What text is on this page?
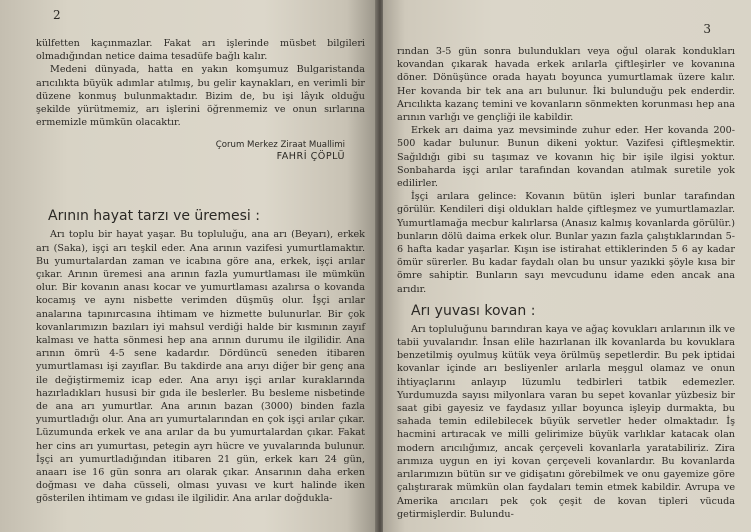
2

külfetten kaçınmazlar. Fakat arı işlerinde müsbet bilgileri olmadığından netice daima tesadüfe bağlı kalır.

Medeni dünyada, hatta en yakın komşumuz Bulgaristanda arıcılıkta büyük adımlar atılmış, bu gelir kaynakları, en verimli bir düzene konmuş bulunmaktadır. Bizim de, bu işi lâyık olduğu şekilde yürütmemiz, arı işlerini öğrenmemiz ve onun sırlarına ermemizle mümkün olacaktır.

Çorum Merkez Ziraat Muallimi
FAHRİ ÇÖPLÜ
Arının hayat tarzı ve üremesi :

Arı toplu bir hayat yaşar. Bu topluluğu, ana arı (Beyarı), erkek arı (Saka), işçi arı teşkil eder. Ana arının vazifesi yumurtlamaktır. Bu yumurtalardan zaman ve icabına göre ana, erkek, işçi arılar çıkar. Arının üremesi ana arının fazla yumurtlaması ile mümkün olur. Bir kovanın anası kocar ve yumurtlaması azalırsa o kovanda kocamış ve aynı nisbette verimden düşmüş olur. İşçi arılar analarına tapınırcasına ihtimam ve hizmette bulunurlar. Bir çok kovanlarımızın bazıları iyi mahsul verdiği halde bir kısmının zayıf kalması ve hatta sönmesi hep ana arının durumu ile ilgilidir. Ana arının ömrü 4-5 sene kadardır. Dördüncü seneden itibaren yumurtlaması işi zayıflar. Bu takdirde ana arıyı diğer bir genç ana ile değiştirmemiz icap eder. Ana arıyı işçi arılar kuraklarında hazırladıkları hususi bir gıda ile beslerler. Bu besleme nisbetinde de ana arı yumurtlar. Ana arının bazan (3000) binden fazla yumurtladığı olur. Ana arı yumurtalarından en çok işçi arılar çıkar. Lüzumunda erkek ve ana arılar da bu yumurtalardan çıkar. Fakat her cins arı yumurtası, petegin ayrı hücre ve yuvalarında bulunur. İşçi arı yumurtladığından itibaren 21 gün, erkek karı 24 gün, anaarı ise 16 gün sonra arı olarak çıkar. Ansarının daha erken doğması ve daha cüsseli, olması yuvası ve kurt halinde iken gösterilen ihtimam ve gıdası ile ilgilidir. Ana arılar doğdukla-

3

rından 3-5 gün sonra bulundukları veya oğul olarak kondukları kovandan çıkarak havada erkek arılarla çiftleşirler ve kovanına döner. Dönüşünce orada hayatı boyunca yumurtlamak üzere kalır. Her kovanda bir tek ana arı bulunur. İki bulunduğu pek enderdir. Arıcılıkta kazanç temini ve kovanların sönmekten korunması hep ana arının varlığı ve gençliği ile kabildir.

Erkek arı daima yaz mevsiminde zuhur eder. Her kovanda 200-500 kadar bulunur. Bunun dikeni yoktur. Vazifesi çiftleşmektir. Sağıldığı gibi su taşımaz ve kovanın hiç bir işile ilgisi yoktur. Sonbaharda işçi arılar tarafından kovandan atılmak suretile yok edilirler.

İşçi arılara gelince: Kovanın bütün işleri bunlar tarafından görülür. Kendileri dişi oldukları halde çiftleşmez ve yumurtlamazlar. Yumurtlamağa mecbur kalırlarsa (Anasız kalmış kovanlarda görülür.) bunların dölü daima erkek olur. Bunlar yazın fazla çalıştıklarından 5-6 hafta kadar yaşarlar. Kışın ise istirahat ettiklerinden 5 6 ay kadar ömür sürerler. Bu kadar faydalı olan bu unsur yazıkki şöyle kısa bir ömre sahiptir. Bunların sayı mevcudunu idame eden ancak ana arıdır.

Arı yuvası kovan :

Arı topluluğunu barındıran kaya ve ağaç kovukları arılarının ilk ve tabii yuvalarıdır. İnsan elile hazırlanan ilk kovanlarda bu kovuklara benzetilmiş oyulmuş kütük veya örülmüş sepetlerdir. Bu pek iptidai kovanlar içinde arı besliyenler arılarla meşgul olamaz ve onun ihtiyaçlarını anlayıp lüzumlu tedbirleri tatbik edemezler. Yurdumuzda sayısı milyonlara varan bu sepet kovanlar yüzbesiz bir saat gibi gayesiz ve faydasız yıllar boyunca işleyip durmakta, bu sahada temin edilebilecek büyük servetler heder olmaktadır. İş hacmini artıracak ve milli gelirimize büyük varlıklar katacak olan modern arıcılığımız, ancak çerçeveli kovanlarla yaratabiliriz. Zira arımıza uygun en iyi kovan çerçeveli kovanlardır. Bu kovanlarda arılarımızın bütün sır ve gidişatını görebilmek ve onu gayemize göre çalıştırarak mümkün olan faydaları temin etmek kabildir. Avrupa ve Amerika arıcıları pek çok çeşit de kovan tipleri vücuda getirmişlerdir. Bulundu-
